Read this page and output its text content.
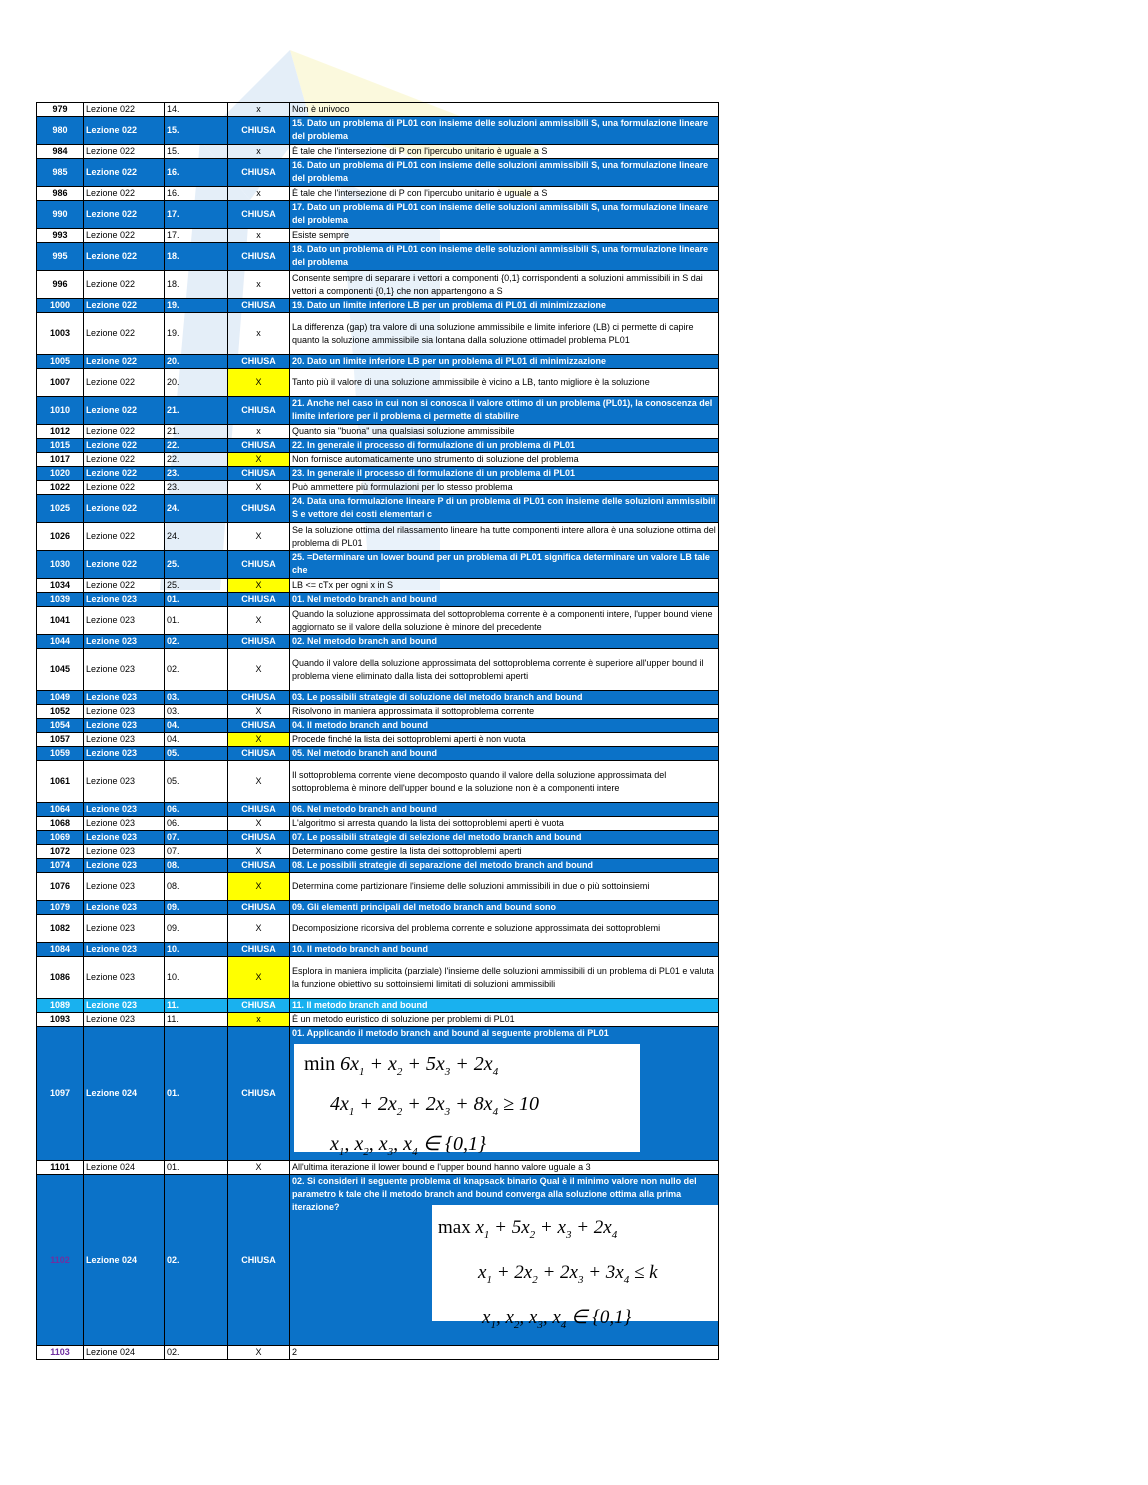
979	Lezione 022	14.	x	Non è univoco
980	Lezione 022	15.	CHIUSA	15. Dato un problema di PL01 con insieme delle soluzioni ammissibili S, una formulazione lineare del problema
984	Lezione 022	15.	x	È tale che l'intersezione di P con l'ipercubo unitario è uguale a S
985	Lezione 022	16.	CHIUSA	16. Dato un problema di PL01 con insieme delle soluzioni ammissibili S, una formulazione lineare del problema
986	Lezione 022	16.	x	È tale che l'intersezione di P con l'ipercubo unitario è uguale a S
990	Lezione 022	17.	CHIUSA	17. Dato un problema di PL01 con insieme delle soluzioni ammissibili S, una formulazione lineare del problema
993	Lezione 022	17.	x	Esiste sempre
995	Lezione 022	18.	CHIUSA	18. Dato un problema di PL01 con insieme delle soluzioni ammissibili S, una formulazione lineare del problema
996	Lezione 022	18.	x	Consente sempre di separare i vettori a componenti {0,1} corrispondenti a soluzioni ammissibili in S dai vettori a componenti {0,1} che non appartengono a S
1000	Lezione 022	19.	CHIUSA	19. Dato un limite inferiore LB per un problema di PL01 di minimizzazione
1003	Lezione 022	19.	x	La differenza (gap) tra valore di una soluzione ammissibile e limite inferiore (LB) ci permette di capire quanto la soluzione ammissibile sia lontana dalla soluzione ottimadel problema PL01
1005	Lezione 022	20.	CHIUSA	20. Dato un limite inferiore LB per un problema di PL01 di minimizzazione
1007	Lezione 022	20.	X	Tanto più il valore di una soluzione ammissibile è vicino a LB, tanto migliore è la soluzione
1010	Lezione 022	21.	CHIUSA	21. Anche nel caso in cui non si conosca il valore ottimo di un problema (PL01), la conoscenza del limite inferiore per il problema ci permette di stabilire
1012	Lezione 022	21.	x	Quanto sia "buona" una qualsiasi soluzione ammissibile
1015	Lezione 022	22.	CHIUSA	22. In generale il processo di formulazione di un problema di PL01
1017	Lezione 022	22.	X	Non fornisce automaticamente uno strumento di soluzione del problema
1020	Lezione 022	23.	CHIUSA	23. In generale il processo di formulazione di un problema di PL01
1022	Lezione 022	23.	X	Può ammettere più formulazioni per lo stesso problema
1025	Lezione 022	24.	CHIUSA	24. Data una formulazione lineare P di un problema di PL01 con insieme delle soluzioni ammissibili S e vettore dei costi elementari c
1026	Lezione 022	24.	X	Se la soluzione ottima del rilassamento lineare ha tutte componenti intere allora è una soluzione ottima del problema di PL01
1030	Lezione 022	25.	CHIUSA	25. =Determinare un lower bound per un problema di PL01 significa determinare un valore LB tale che
1034	Lezione 022	25.	X	LB <= cTx per ogni x in S
1039	Lezione 023	01.	CHIUSA	01. Nel metodo branch and bound
1041	Lezione 023	01.	X	Quando la soluzione approssimata del sottoproblema corrente è a componenti intere, l'upper bound viene aggiornato se il valore della soluzione è minore del precedente
1044	Lezione 023	02.	CHIUSA	02. Nel metodo branch and bound
1045	Lezione 023	02.	X	Quando il valore della soluzione approssimata del sottoproblema corrente è superiore all'upper bound il problema viene eliminato dalla lista dei sottoproblemi aperti
1049	Lezione 023	03.	CHIUSA	03. Le possibili strategie di soluzione del metodo branch and bound
1052	Lezione 023	03.	X	Risolvono in maniera approssimata il sottoproblema corrente
1054	Lezione 023	04.	CHIUSA	04. Il metodo branch and bound
1057	Lezione 023	04.	X	Procede finché la lista dei sottoproblemi aperti è non vuota
1059	Lezione 023	05.	CHIUSA	05. Nel metodo branch and bound
1061	Lezione 023	05.	X	Il sottoproblema corrente viene decomposto quando il valore della soluzione approssimata del sottoproblema è minore dell'upper bound e la soluzione non è a componenti intere
1064	Lezione 023	06.	CHIUSA	06. Nel metodo branch and bound
1068	Lezione 023	06.	X	L'algoritmo si arresta quando la lista dei sottoproblemi aperti è vuota
1069	Lezione 023	07.	CHIUSA	07. Le possibili strategie di selezione del metodo branch and bound
1072	Lezione 023	07.	X	Determinano come gestire la lista dei sottoproblemi aperti
1074	Lezione 023	08.	CHIUSA	08. Le possibili strategie di separazione del metodo branch and bound
1076	Lezione 023	08.	X	Determina come partizionare l'insieme delle soluzioni ammissibili in due o più sottoinsiemi
1079	Lezione 023	09.	CHIUSA	09. Gli elementi principali del metodo branch and bound sono
1082	Lezione 023	09.	X	Decomposizione ricorsiva del problema corrente e soluzione approssimata dei sottoproblemi
1084	Lezione 023	10.	CHIUSA	10. Il metodo branch and bound
1086	Lezione 023	10.	X	Esplora in maniera implicita (parziale) l'insieme delle soluzioni ammissibili di un problema di PL01 e valuta la funzione obiettivo su sottoinsiemi limitati di soluzioni ammissibili
1089	Lezione 023	11.	CHIUSA	11. Il metodo branch and bound
1093	Lezione 023	11.	x	È un metodo euristico di soluzione per problemi di PL01
1097	Lezione 024	01.	CHIUSA	01. Applicando il metodo branch and bound al seguente problema di PL01
$\min 6x_1 + x_2 + 5x_3 + 2x_4$
$4x_1 + 2x_2 + 2x_3 + 8x_4 \ge 10$
$x_1$, $x_2$, $x_3$, $x_4$ ∈ {0,1}

1101	Lezione 024	01.	X	All'ultima iterazione il lower bound e l'upper bound hanno valore uguale a 3
1102	Lezione 024	02.	CHIUSA	02. Si consideri il seguente problema di knapsack binario Qual è il minimo valore non nullo del parametro k tale che il metodo branch and bound converga alla soluzione ottima alla prima iterazione?
$\max x_1 + 5x_2 + x_3 + 2x_4$
$x_1 + 2x_2 + 2x_3 + 3x_4 \le k$
$x_1$, $x_2$, $x_3$, $x_4$ ∈ {0,1}

1103	Lezione 024	02.	X	2
